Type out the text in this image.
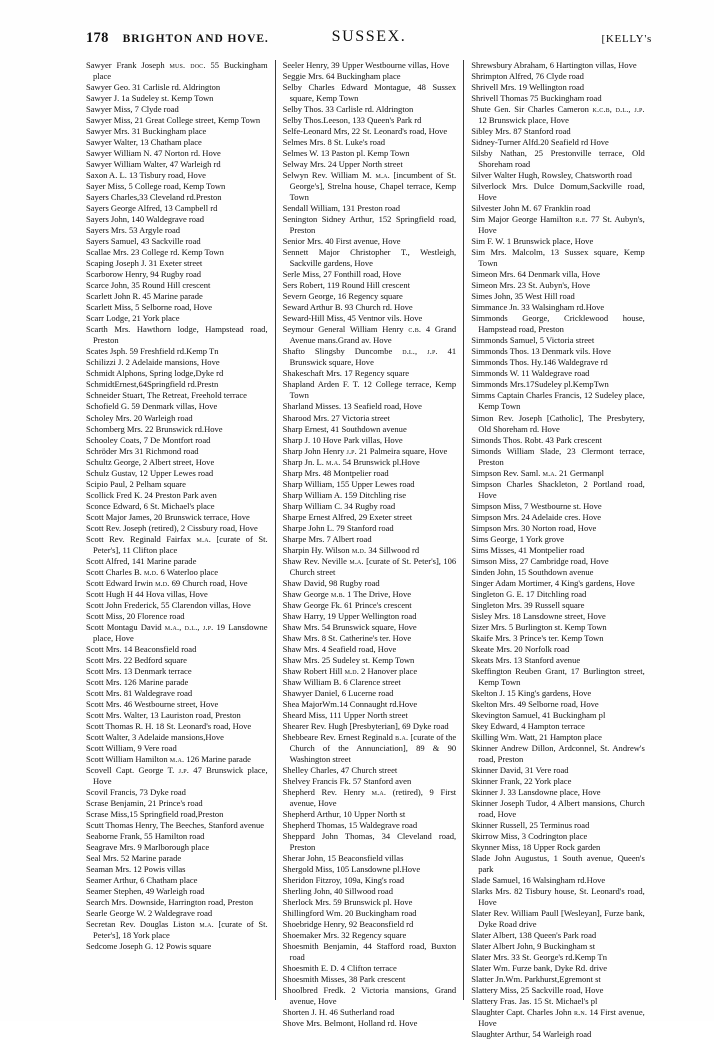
178 BRIGHTON AND HOVE.	SUSSEX.	[KELLY's
Sawyer Frank Joseph mus. doc. 55 Buckingham place
Sawyer Geo. 31 Carlisle rd. Aldrington
Sawyer J. 1a Sudeley st. Kemp Town
Sawyer Miss, 7 Clyde road
Sawyer Miss, 21 Great College street, Kemp Town
Sawyer Mrs. 31 Buckingham place
Sawyer Walter, 13 Chatham place
Sawyer William N. 47 Norton rd. Hove
Sawyer William Walter, 47 Warleigh rd
Saxon A. L. 13 Tisbury road, Hove
Sayer Miss, 5 College road, Kemp Town
Sayers Charles,33 Cleveland rd.Preston
Sayers George Alfred, 13 Campbell rd
Sayers John, 140 Waldegrave road
Sayers Mrs. 53 Argyle road
Sayers Samuel, 43 Sackville road
Scallae Mrs. 23 College rd. Kemp Town
Scaping Joseph J. 31 Exeter street
Scarborow Henry, 94 Rugby road
Scarce John, 35 Round Hill crescent
Scarlett John R. 45 Marine parade
Scarlett Miss, 5 Selborne road, Hove
Scarr Lodge, 21 York place
Scarth Mrs. Hawthorn lodge, Hampstead road, Preston
Scates Jsph. 59 Freshfield rd.Kemp Tn
Schilizzi J. 2 Adelaide mansions, Hove
Schmidt Alphons, Spring lodge,Dyke rd
SchmidtErnest,64Springfield rd.Prestn
Schneider Stuart, The Retreat, Freehold terrace
Schofield G. 59 Denmark villas, Hove
Scholey Mrs. 20 Warleigh road
Schomberg Mrs. 22 Brunswick rd.Hove
Schooley Coats, 7 De Montfort road
Schröder Mrs 31 Richmond road
Schultz George, 2 Albert street, Hove
Schulz Gustav, 12 Upper Lewes road
Scipio Paul, 2 Pelham square
Scollick Fred K. 24 Preston Park aven
Sconce Edward, 6 St. Michael's place
Scott Major James, 20 Brunswick terrace, Hove
Scott Rev. Joseph (retired), 2 Cissbury road, Hove
Scott Rev. Reginald Fairfax m.a. [curate of St. Peter's], 11 Clifton place
Scott Alfred, 141 Marine parade
Scott Charles B. m.d. 6 Waterloo place
Scott Edward Irwin m.d. 69 Church road, Hove
Scott Hugh H 44 Hova villas, Hove
Scott John Frederick, 55 Clarendon villas, Hove
Scott Miss, 20 Florence road
Scott Montagu David m.a., d.l., j.p. 19 Lansdowne place, Hove
Scott Mrs. 14 Beaconsfield road
Scott Mrs. 22 Bedford square
Scott Mrs. 13 Denmark terrace
Scott Mrs. 126 Marine parade
Scott Mrs. 81 Waldegrave road
Scott Mrs. 46 Westbourne street, Hove
Scott Mrs. Walter, 13 Lauriston road, Preston
Scott Thomas R. H. 18 St. Leonard's road, Hove
Scott Walter, 3 Adelaide mansions,Hove
Scott William, 9 Vere road
Scott William Hamilton m.a. 126 Marine parade
Scovell Capt. George T. j.p. 47 Brunswick place, Hove
Scovil Francis, 73 Dyke road
Scrase Benjamin, 21 Prince's road
Scrase Miss,15 Springfield road,Preston
Scutt Thomas Henry, The Beeches, Stanford avenue
Seaborne Frank, 55 Hamilton road
Seagrave Mrs. 9 Marlborough place
Seal Mrs. 52 Marine parade
Seaman Mrs. 12 Powis villas
Seamer Arthur, 6 Chatham place
Seamer Stephen, 49 Warleigh road
Search Mrs. Downside, Harrington road, Preston
Searle George W. 2 Waldegrave road
Secretan Rev. Douglas Liston m.a. [curate of St. Peter's], 18 York place
Sedcome Joseph G. 12 Powis square
Seeler Henry, 39 Upper Westbourne villas, Hove
Seggie Mrs. 64 Buckingham place
Selby Charles Edward Montague, 48 Sussex square, Kemp Town
Selby Thos. 33 Carlisle rd. Aldrington
Selby Thos.Leeson, 133 Queen's Park rd
Selfe-Leonard Mrs, 22 St. Leonard's road, Hove
Selmes Mrs. 8 St. Luke's road
Selmes W. 13 Paston pl. Kemp Town
Selway Mrs. 24 Upper North street
Selwyn Rev. William M. m.a. [incumbent of St. George's], Strelna house, Chapel terrace, Kemp Town
Sendall William, 131 Preston road
Senington Sidney Arthur, 152 Springfield road, Preston
Senior Mrs. 40 First avenue, Hove
Sennett Major Christopher T., Westleigh, Sackville gardens, Hove
Serle Miss, 27 Fonthill road, Hove
Sers Robert, 119 Round Hill crescent
Severn George, 16 Regency square
Seward Arthur B. 93 Church rd. Hove
Seward-Hill Miss, 45 Ventnor vils. Hove
Seymour General William Henry c.b. 4 Grand Avenue mans.Grand av. Hove
Shafto Slingsby Duncombe d.l., j.p. 41 Brunswick square, Hove
Shakeschaft Mrs. 17 Regency square
Shapland Arden F. T. 12 College terrace, Kemp Town
Sharland Misses. 13 Seafield road, Hove
Sharood Mrs. 27 Victoria street
Sharp Ernest, 41 Southdown avenue
Sharp J. 10 Hove Park villas, Hove
Sharp John Henry j.p. 21 Palmeira square, Hove
Sharp Jn. L. m.a. 54 Brunswick pl.Hove
Sharp Mrs. 48 Montpelier road
Sharp William, 155 Upper Lewes road
Sharp William A. 159 Ditchling rise
Sharp William C. 34 Rugby road
Sharpe Ernest Alfred, 29 Exeter street
Sharpe John L. 79 Stanford road
Sharpe Mrs. 7 Albert road
Sharpin Hy. Wilson m.d. 34 Sillwood rd
Shaw Rev. Neville m.a. [curate of St. Peter's], 106 Church street
Shaw David, 98 Rugby road
Shaw George m.b. 1 The Drive, Hove
Shaw George Fk. 61 Prince's crescent
Shaw Harry, 19 Upper Wellington road
Shaw Mrs. 54 Brunswick square, Hove
Shaw Mrs. 8 St. Catherine's ter. Hove
Shaw Mrs. 4 Seafield road, Hove
Shaw Mrs. 25 Sudeley st. Kemp Town
Shaw Robert Hill m.d. 2 Hanover place
Shaw William B. 6 Clarence street
Shawyer Daniel, 6 Lucerne road
Shea MajorWm.14 Connaught rd.Hove
Sheard Miss, 111 Upper North street
Shearer Rev. Hugh [Presbyterian], 69 Dyke road
Shebbeare Rev. Ernest Reginald b.a. [curate of the Church of the Annunciation], 89 & 90 Washington street
Shelley Charles, 47 Church street
Shelvey Francis Fk. 57 Stanford aven
Shepherd Rev. Henry m.a. (retired), 9 First avenue, Hove
Shepherd Arthur, 10 Upper North st
Shepherd Thomas, 15 Waldegrave road
Sheppard John Thomas, 34 Cleveland road, Preston
Sherar John, 15 Beaconsfield villas
Shergold Miss, 105 Lansdowne pl.Hove
Sheridon Fitzroy, 109a, King's road
Sherling John, 40 Sillwood road
Sherlock Mrs. 59 Brunswick pl. Hove
Shillingford Wm. 20 Buckingham road
Shoebridge Henry, 92 Beaconsfield rd
Shoemaker Mrs. 32 Regency square
Shoesmith Benjamin, 44 Stafford road, Buxton road
Shoesmith E. D. 4 Clifton terrace
Shoesmith Misses, 38 Park crescent
Shoolbred Fredk. 2 Victoria mansions, Grand avenue, Hove
Shorten J. H. 46 Sutherland road
Shove Mrs. Belmont, Holland rd. Hove
Shrewsbury Abraham, 6 Hartington villas, Hove
Shrimpton Alfred, 76 Clyde road
Shrivell Mrs. 19 Wellington road
Shrivell Thomas 75 Buckingham road
Shute Gen. Sir Charles Cameron k.c.b, d.l., j.p. 12 Brunswick place, Hove
Sibley Mrs. 87 Stanford road
Sidney-Turner Alfd.20 Seafield rd Hove
Silsby Nathan, 25 Prestonville terrace, Old Shoreham road
Silver Walter Hugh, Rowsley, Chatsworth road
Silverlock Mrs. Dulce Domum,Sackville road, Hove
Silvester John M. 67 Franklin road
Sim Major George Hamilton r.e. 77 St. Aubyn's, Hove
Sim F. W. 1 Brunswick place, Hove
Sim Mrs. Malcolm, 13 Sussex square, Kemp Town
Simeon Mrs. 64 Denmark villa, Hove
Simeon Mrs. 23 St. Aubyn's, Hove
Simes John, 35 West Hill road
Simmance Jn. 33 Walsingham rd.Hove
Simmonds George, Cricklewood house, Hampstead road, Preston
Simmonds Samuel, 5 Victoria street
Simmonds Thos. 13 Denmark vils. Hove
Simmonds Thos. Hy.146 Waldegrave rd
Simmonds W. 11 Waldegrave road
Simmonds Mrs.17Sudeley pl.KempTwn
Simms Captain Charles Francis, 12 Sudeley place, Kemp Town
Simon Rev. Joseph [Catholic], The Presbytery, Old Shoreham rd. Hove
Simonds Thos. Robt. 43 Park crescent
Simonds William Slade, 23 Clermont terrace, Preston
Simpson Rev. Saml. m.a. 21 Germanpl
Simpson Charles Shackleton, 2 Portland road, Hove
Simpson Miss, 7 Westbourne st. Hove
Simpson Mrs. 24 Adelaide cres. Hove
Simpson Mrs. 30 Norton road, Hove
Sims George, 1 York grove
Sims Misses, 41 Montpelier road
Simson Miss, 27 Cambridge road, Hove
Sinden John, 15 Southdown avenue
Singer Adam Mortimer, 4 King's gardens, Hove
Singleton G. E. 17 Ditchling road
Singleton Mrs. 39 Russell square
Sisley Mrs. 18 Lansdowne street, Hove
Sizer Mrs. 5 Burlington st. Kemp Town
Skaife Mrs. 3 Prince's ter. Kemp Town
Skeate Mrs. 20 Norfolk road
Skeats Mrs. 13 Stanford avenue
Skeffington Reuben Grant, 17 Burlington street, Kemp Town
Skelton J. 15 King's gardens, Hove
Skelton Mrs. 49 Selborne road, Hove
Skevington Samuel, 41 Buckingham pl
Skey Edward, 4 Hampton terrace
Skilling Wm. Watt, 21 Hampton place
Skinner Andrew Dillon, Ardconnel, St. Andrew's road, Preston
Skinner David, 31 Vere road
Skinner Frank, 22 York place
Skinner J. 33 Lansdowne place, Hove
Skinner Joseph Tudor, 4 Albert mansions, Church road, Hove
Skinner Russell, 25 Terminus road
Skirrow Miss, 3 Codrington place
Skynner Miss, 18 Upper Rock garden
Slade John Augustus, 1 South avenue, Queen's park
Slade Samuel, 16 Walsingham rd.Hove
Slarks Mrs. 82 Tisbury house, St. Leonard's road, Hove
Slater Rev. William Paull [Wesleyan], Furze bank, Dyke Road drive
Slater Albert, 138 Queen's Park road
Slater Albert John, 9 Buckingham st
Slater Mrs. 33 St. George's rd.Kemp Tn
Slater Wm. Furze bank, Dyke Rd. drive
Slatter Jn.Wm. Parkhurst,Egremont st
Slattery Miss, 25 Sackville road, Hove
Slattery Fras. Jas. 15 St. Michael's pl
Slaughter Capt. Charles John r.n. 14 First avenue, Hove
Slaughter Arthur, 54 Warleigh road
